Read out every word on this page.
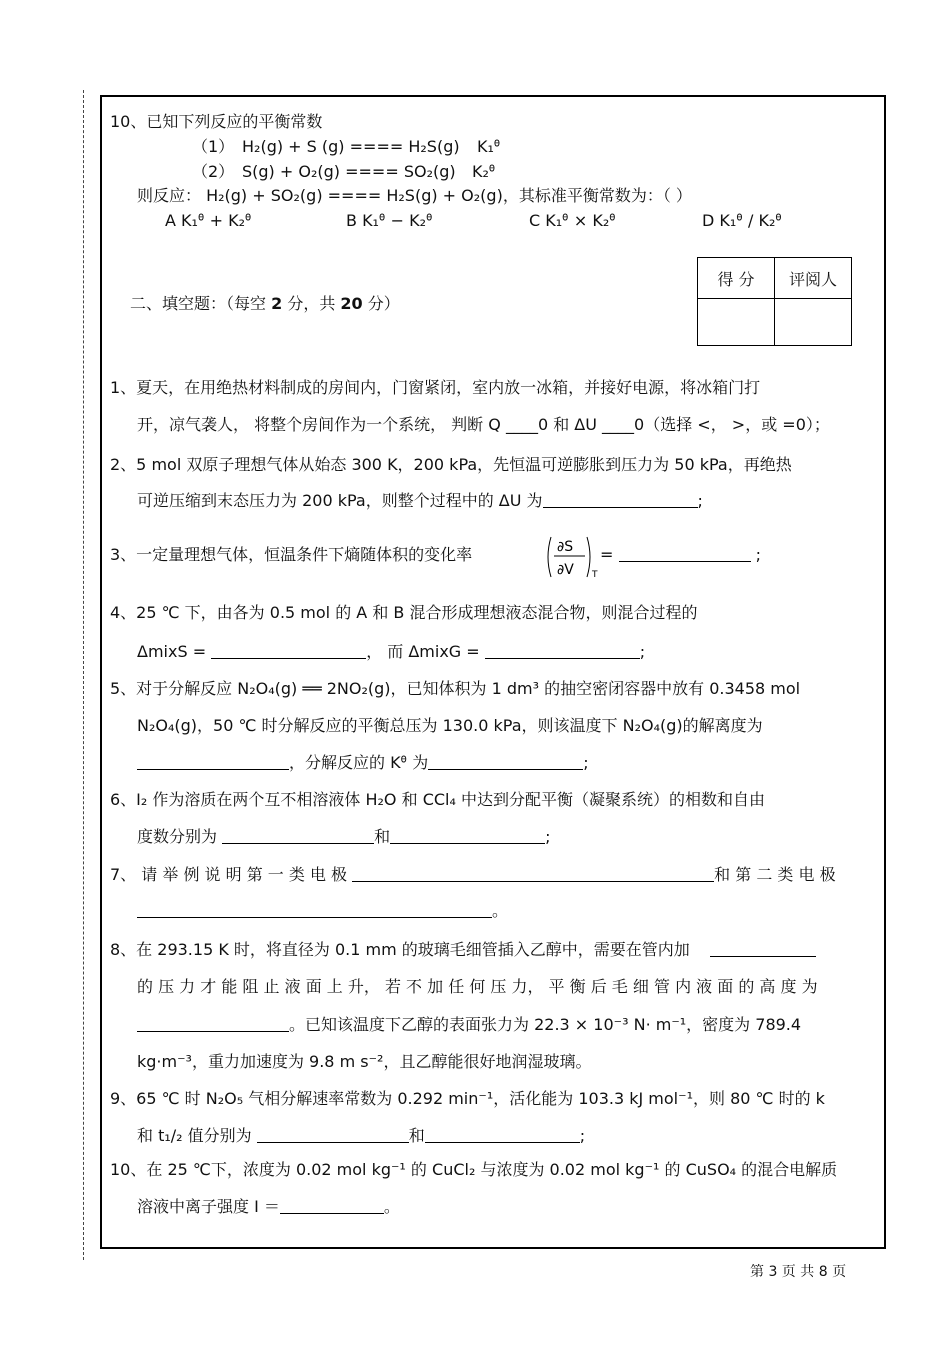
10、已知下列反应的平衡常数
（1） H₂(g) + S (g) ==== H₂S(g) K₁ᶿ
（2） S(g) + O₂(g) ==== SO₂(g) K₂ᶿ
则反应： H₂(g) + SO₂(g) ==== H₂S(g) + O₂(g)，其标准平衡常数为：（ ）
A K₁ᶿ + K₂ᶿ	B K₁ᶿ − K₂ᶿ	C K₁ᶿ × K₂ᶿ	D K₁ᶿ / K₂ᶿ
二、填空题：（每空 2 分，共 20 分）
得 分	评阅人

1、夏天，在用绝热材料制成的房间内，门窗紧闭，室内放一冰箱，并接好电源，将冰箱门打
开，凉气袭人， 将整个房间作为一个系统， 判断 Q ____0 和 ΔU ____0（选择 <， >，或 =0）；
2、5 mol 双原子理想气体从始态 300 K，200 kPa，先恒温可逆膨胀到压力为 50 kPa，再绝热
可逆压缩到末态压力为 200 kPa，则整个过程中的 ΔU 为	;
3、一定量理想气体，恒温条件下熵随体积的变化率	∂S
∂V T
=	;
4、25 ℃ 下，由各为 0.5 mol 的 A 和 B 混合形成理想液态混合物，则混合过程的
ΔmixS =	， 而 ΔmixG =	;
5、对于分解反应 N₂O₄(g) ══ 2NO₂(g)，已知体积为 1 dm³ 的抽空密闭容器中放有 0.3458 mol
N₂O₄(g)，50 ℃ 时分解反应的平衡总压为 130.0 kPa，则该温度下 N₂O₄(g)的解离度为
，分解反应的 Kᶿ 为	;
6、I₂ 作为溶质在两个互不相溶液体 H₂O 和 CCl₄ 中达到分配平衡（凝聚系统）的相数和自由
度数分别为	和	;
7、 请 举 例 说 明 第 一 类 电 极	和 第 二 类 电 极
。
8、在 293.15 K 时，将直径为 0.1 mm 的玻璃毛细管插入乙醇中，需要在管内加
的 压 力 才 能 阻 止 液 面 上 升， 若 不 加 任 何 压 力， 平 衡 后 毛 细 管 内 液 面 的 高 度 为
。已知该温度下乙醇的表面张力为 22.3 × 10⁻³ N· m⁻¹，密度为 789.4
kg·m⁻³，重力加速度为 9.8 m s⁻²，且乙醇能很好地润湿玻璃。
9、65 ℃ 时 N₂O₅ 气相分解速率常数为 0.292 min⁻¹，活化能为 103.3 kJ mol⁻¹，则 80 ℃ 时的 k
和 t₁/₂ 值分别为	和	;
10、在 25 ℃下，浓度为 0.02 mol kg⁻¹ 的 CuCl₂ 与浓度为 0.02 mol kg⁻¹ 的 CuSO₄ 的混合电解质
溶液中离子强度 I ＝	。
第 3 页 共 8 页
